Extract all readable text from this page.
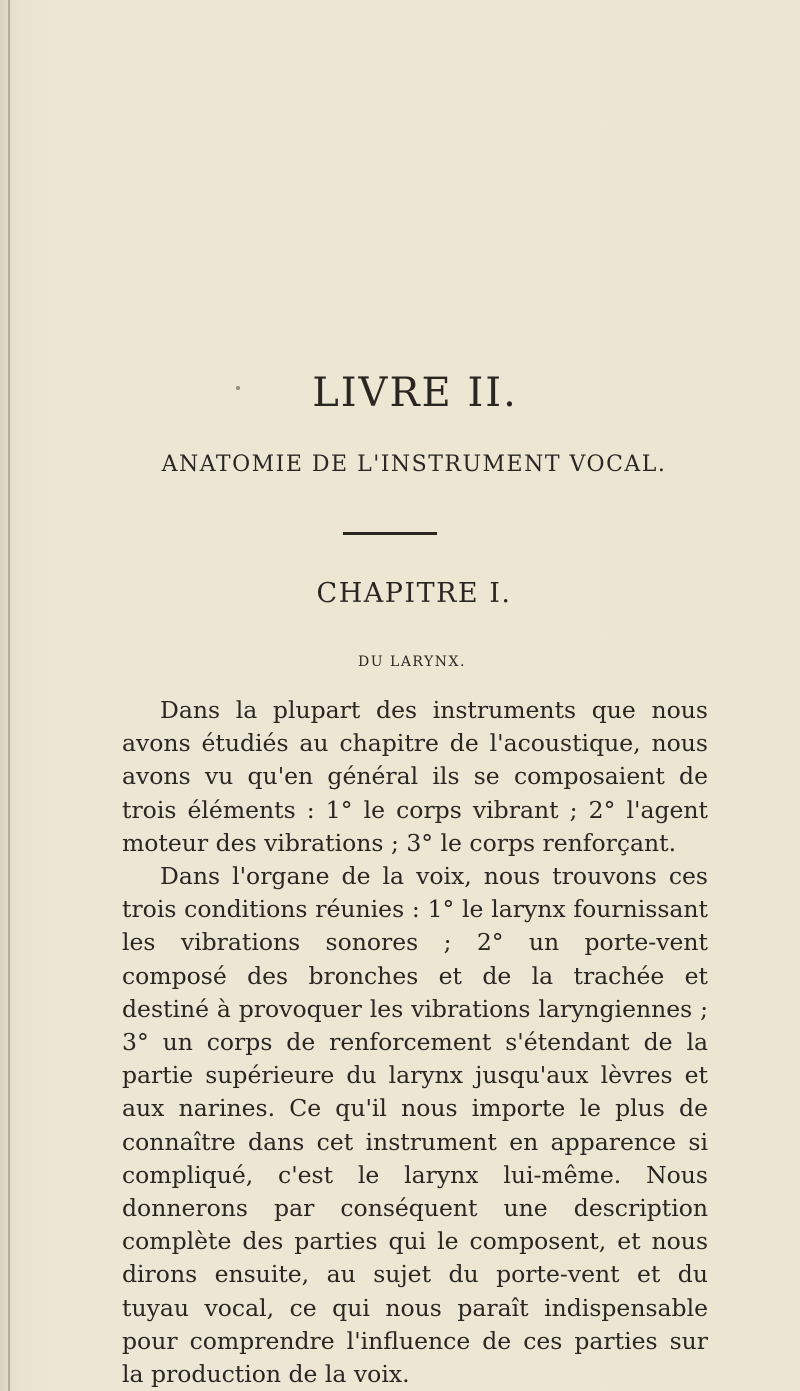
LIVRE II.
ANATOMIE DE L'INSTRUMENT VOCAL.
CHAPITRE I.
DU LARYNX.

Dans la plupart des instruments que nous avons étudiés au chapitre de l'acoustique, nous avons vu qu'en général ils se composaient de trois éléments : 1° le corps vibrant ; 2° l'agent moteur des vibrations ; 3° le corps renforçant.

Dans l'organe de la voix, nous trouvons ces trois conditions réunies : 1° le larynx fournissant les vibrations sonores ; 2° un porte-vent composé des bronches et de la trachée et destiné à provoquer les vibrations laryngiennes ; 3° un corps de renforcement s'étendant de la partie supérieure du larynx jusqu'aux lèvres et aux narines. Ce qu'il nous importe le plus de connaître dans cet instrument en apparence si compliqué, c'est le larynx lui-même. Nous donnerons par conséquent une description complète des parties qui le composent, et nous dirons ensuite, au sujet du porte-vent et du tuyau vocal, ce qui nous paraît indispensable pour comprendre l'influence de ces parties sur la production de la voix.
